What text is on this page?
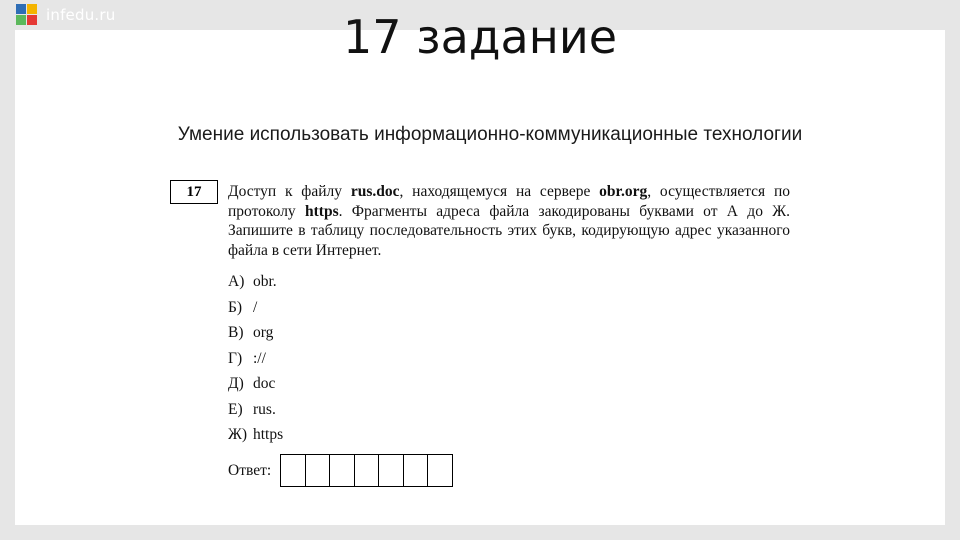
infedu.ru	17 задание
Умение использовать информационно-коммуникационные технологии
17	Доступ к файлу rus.doc, находящемуся на сервере obr.org, осуществляется по протоколу https. Фрагменты адреса файла закодированы буквами от А до Ж. Запишите в таблицу последовательность этих букв, кодирующую адрес указанного файла в сети Интернет.
А) obr.
Б) /
В) org
Г) ://
Д) doc
Е) rus.
Ж) https
Ответ:
